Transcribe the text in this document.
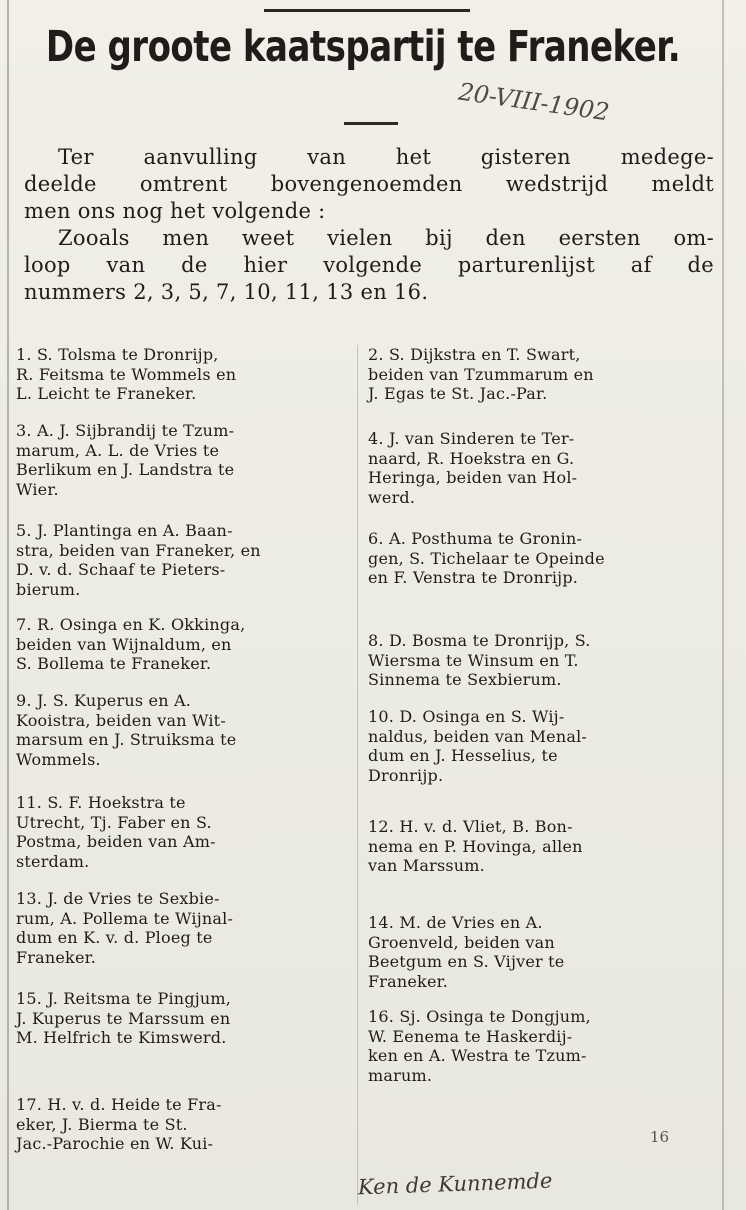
De groote kaatspartij te Franeker.
20-VIII-1902

Ter aanvulling van het gisteren medege-

deelde omtrent bovengenoemden wedstrijd meldt

men ons nog het volgende :

Zooals men weet vielen bij den eersten om-

loop van de hier volgende parturenlijst af de

nummers 2, 3, 5, 7, 10, 11, 13 en 16.

1. S. Tolsma te Dronrijp,
R. Feitsma te Wommels en
L. Leicht te Franeker.

3. A. J. Sijbrandij te Tzum-
marum, A. L. de Vries te
Berlikum en J. Landstra te
Wier.

5. J. Plantinga en A. Baan-
stra, beiden van Franeker, en
D. v. d. Schaaf te Pieters-
bierum.

7. R. Osinga en K. Okkinga,
beiden van Wijnaldum, en
S. Bollema te Franeker.

9. J. S. Kuperus en A.
Kooistra, beiden van Wit-
marsum en J. Struiksma te
Wommels.

11. S. F. Hoekstra te
Utrecht, Tj. Faber en S.
Postma, beiden van Am-
sterdam.

13. J. de Vries te Sexbie-
rum, A. Pollema te Wijnal-
dum en K. v. d. Ploeg te
Franeker.

15. J. Reitsma te Pingjum,
J. Kuperus te Marssum en
M. Helfrich te Kimswerd.

17. H. v. d. Heide te Fra-
eker, J. Bierma te St.
Jac.-Parochie en W. Kui-

2. S. Dijkstra en T. Swart,
beiden van Tzummarum en
J. Egas te St. Jac.-Par.

4. J. van Sinderen te Ter-
naard, R. Hoekstra en G.
Heringa, beiden van Hol-
werd.

6. A. Posthuma te Gronin-
gen, S. Tichelaar te Opeinde
en F. Venstra te Dronrijp.

8. D. Bosma te Dronrijp, S.
Wiersma te Winsum en T.
Sinnema te Sexbierum.

10. D. Osinga en S. Wij-
naldus, beiden van Menal-
dum en J. Hesselius, te
Dronrijp.

12. H. v. d. Vliet, B. Bon-
nema en P. Hovinga, allen
van Marssum.

14. M. de Vries en A.
Groenveld, beiden van
Beetgum en S. Vijver te
Franeker.

16. Sj. Osinga te Dongjum,
W. Eenema te Haskerdij-
ken en A. Westra te Tzum-
marum.

16
Ken de Kunnemde
